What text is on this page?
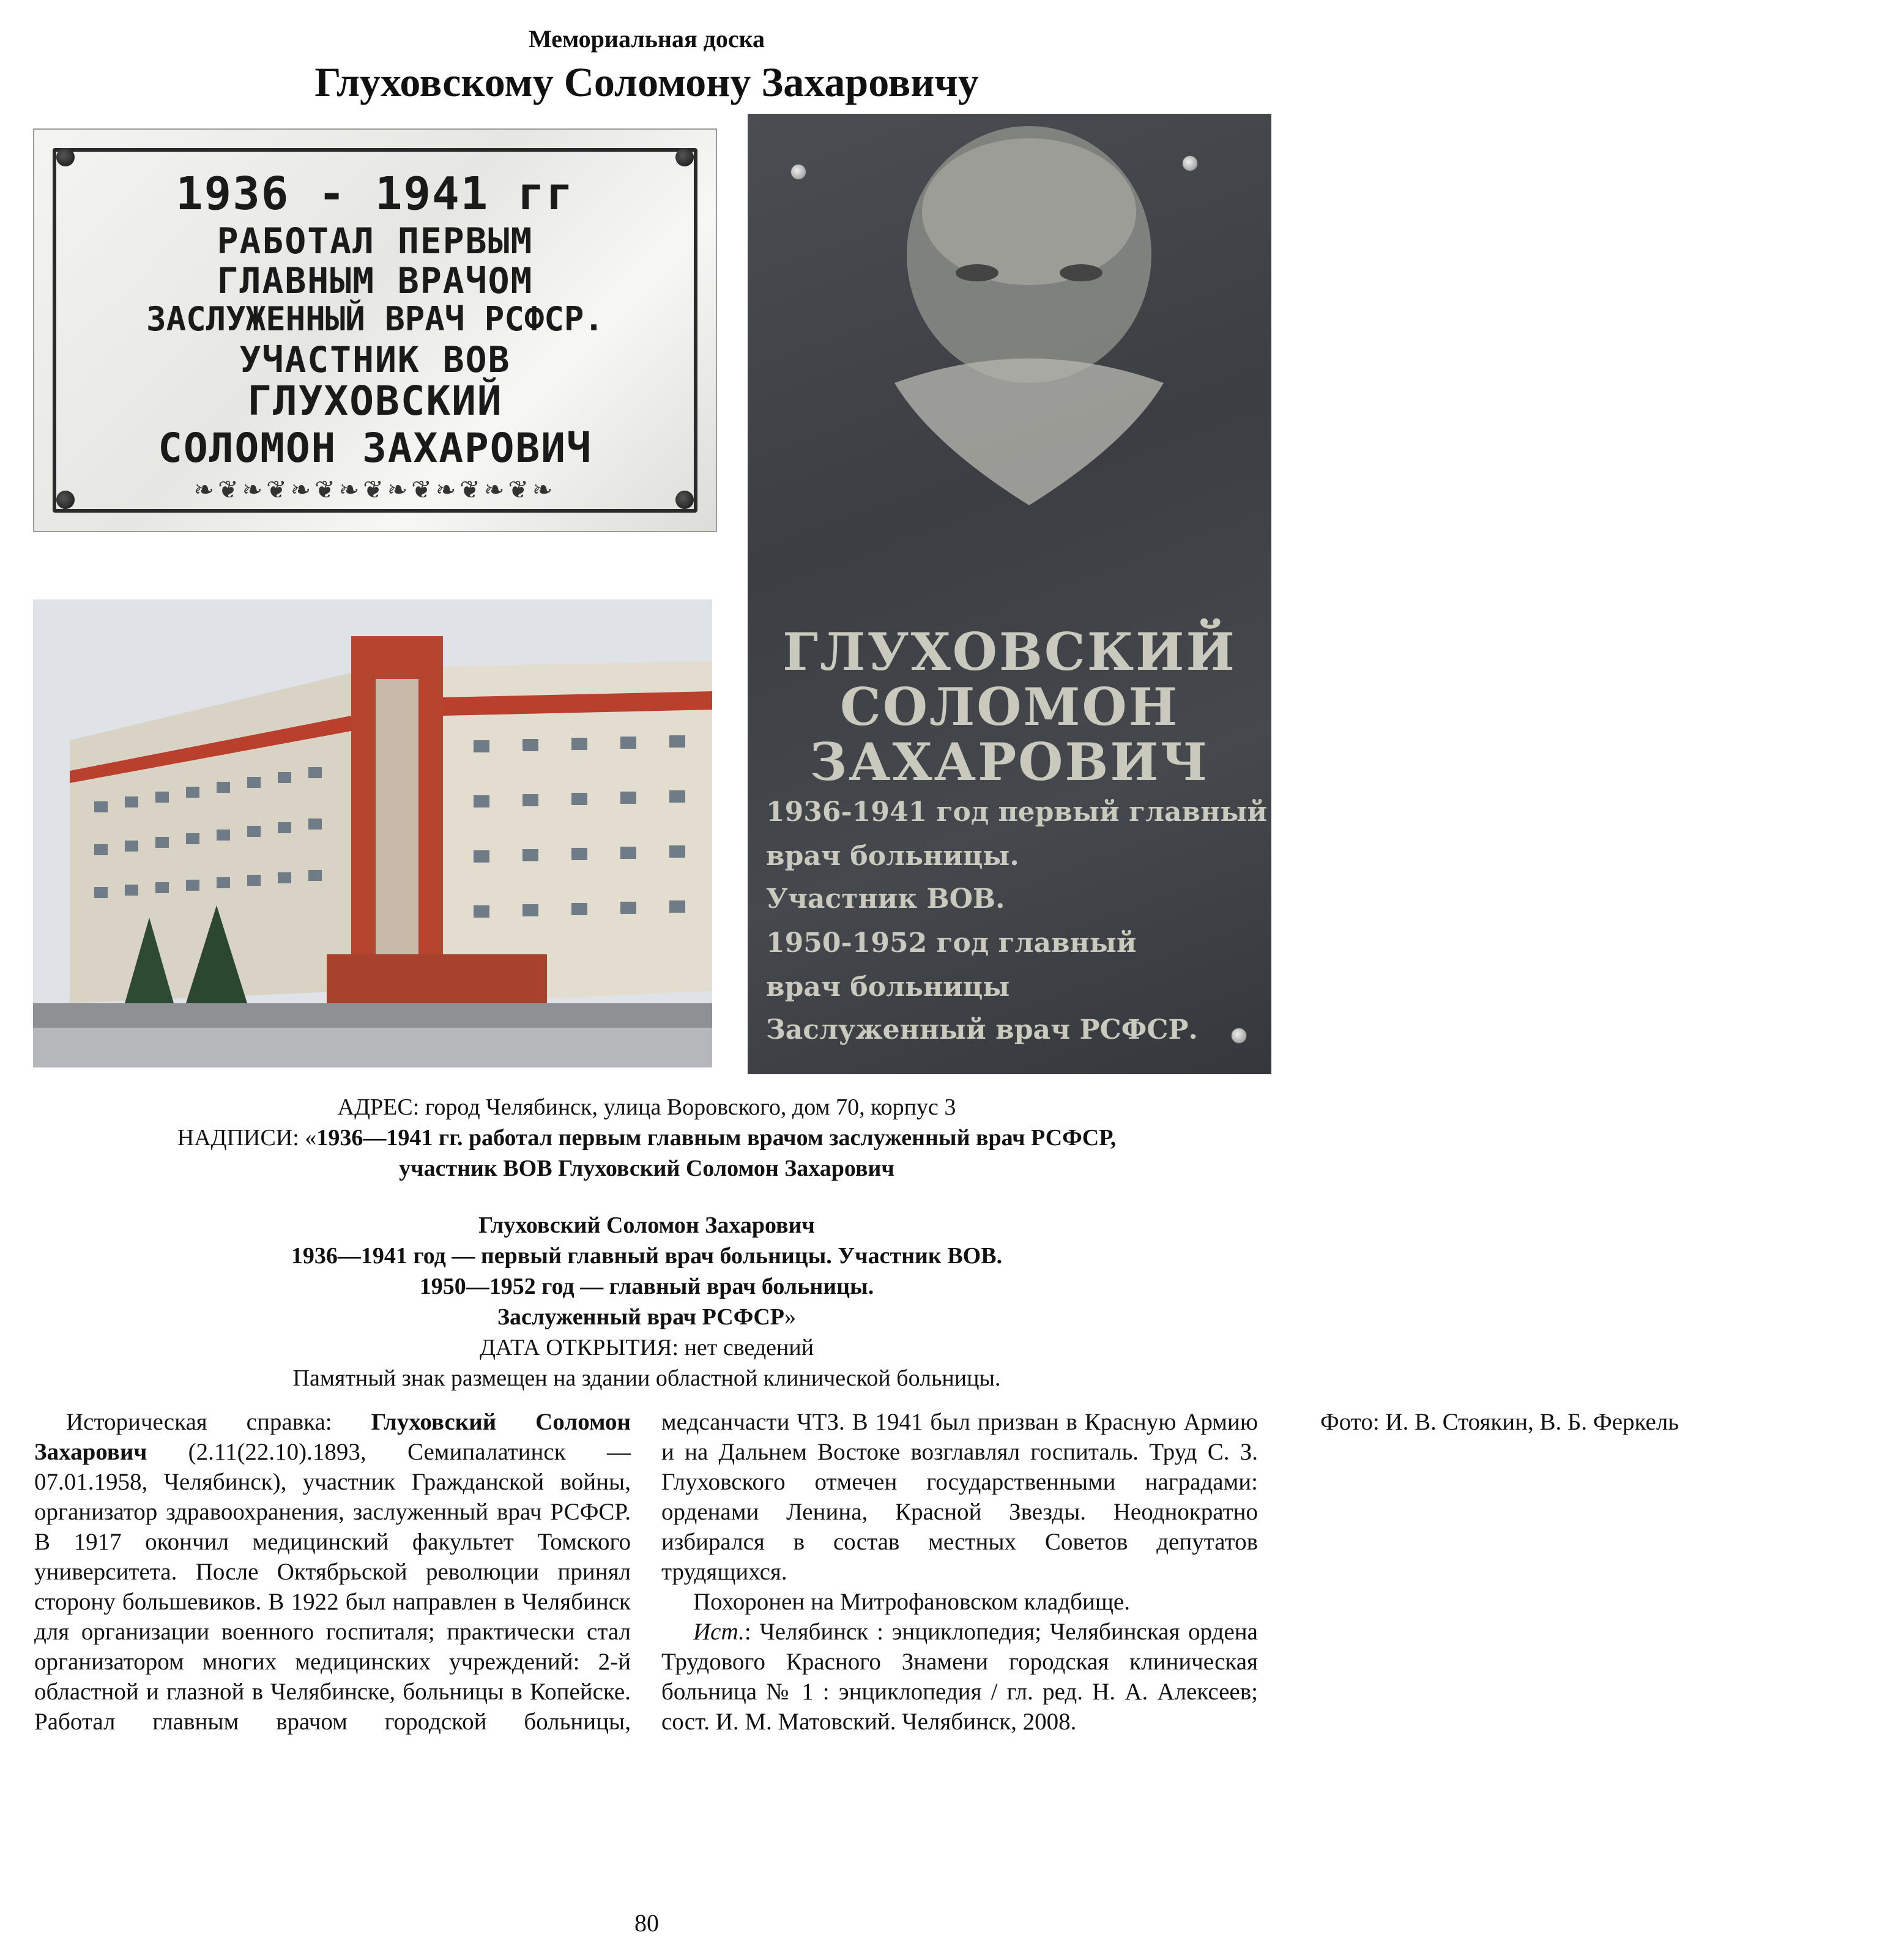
Мемориальная доска
Глуховскому Соломону Захаровичу
1936 - 1941 гг
РАБОТАЛ ПЕРВЫМ
ГЛАВНЫМ ВРАЧОМ
ЗАСЛУЖЕННЫЙ ВРАЧ РСФСР.
УЧАСТНИК ВОВ
ГЛУХОВСКИЙ
СОЛОМОН ЗАХАРОВИЧ
❧❦❧❦❧❦❧❦❧❦❧❦❧❦❧
ГЛУХОВСКИЙ
СОЛОМОН
ЗАХАРОВИЧ
1936-1941 год первый главный
врач больницы.
Участник ВОВ.
1950-1952 год главный
врач больницы
Заслуженный врач РСФСР.
АДРЕС: город Челябинск, улица Воровского, дом 70, корпус 3
НАДПИСИ: «1936—1941 гг. работал первым главным врачом заслуженный врач РСФСР,
участник ВОВ Глуховский Соломон Захарович
Глуховский Соломон Захарович
1936—1941 год — первый главный врач больницы. Участник ВОВ.
1950—1952 год — главный врач больницы.
Заслуженный врач РСФСР»
ДАТА ОТКРЫТИЯ: нет сведений
Памятный знак размещен на здании областной клинической больницы.

Историческая справка: Глуховский Соломон Захарович (2.11(22.10).1893, Семипалатинск — 07.01.1958, Челябинск), участник Гражданской войны, организатор здравоохранения, заслуженный врач РСФСР. В 1917 окончил медицинский факультет Томского университета. После Октябрьской революции принял сторону большевиков. В 1922 был направлен в Челябинск для организации военного госпиталя; практически стал организатором многих медицинских учреждений: 2-й областной и глазной в Челябинске, больницы в Копейске. Работал главным врачом городской больницы, медсанчасти ЧТЗ. В 1941 был призван в Красную Армию и на Дальнем Востоке возглавлял госпиталь. Труд С. З. Глуховского отмечен государственными наградами: орденами Ленина, Красной Звезды. Неоднократно избирался в состав местных Советов депутатов трудящихся.

Похоронен на Митрофановском кладбище.

Ист.: Челябинск : энциклопедия; Челябинская ордена Трудового Красного Знамени городская клиническая больница № 1 : энциклопедия / гл. ред. Н. А. Алексеев; сост. И. М. Матовский. Челябинск, 2008.

Фото: И. В. Стоякин, В. Б. Феркель

80
